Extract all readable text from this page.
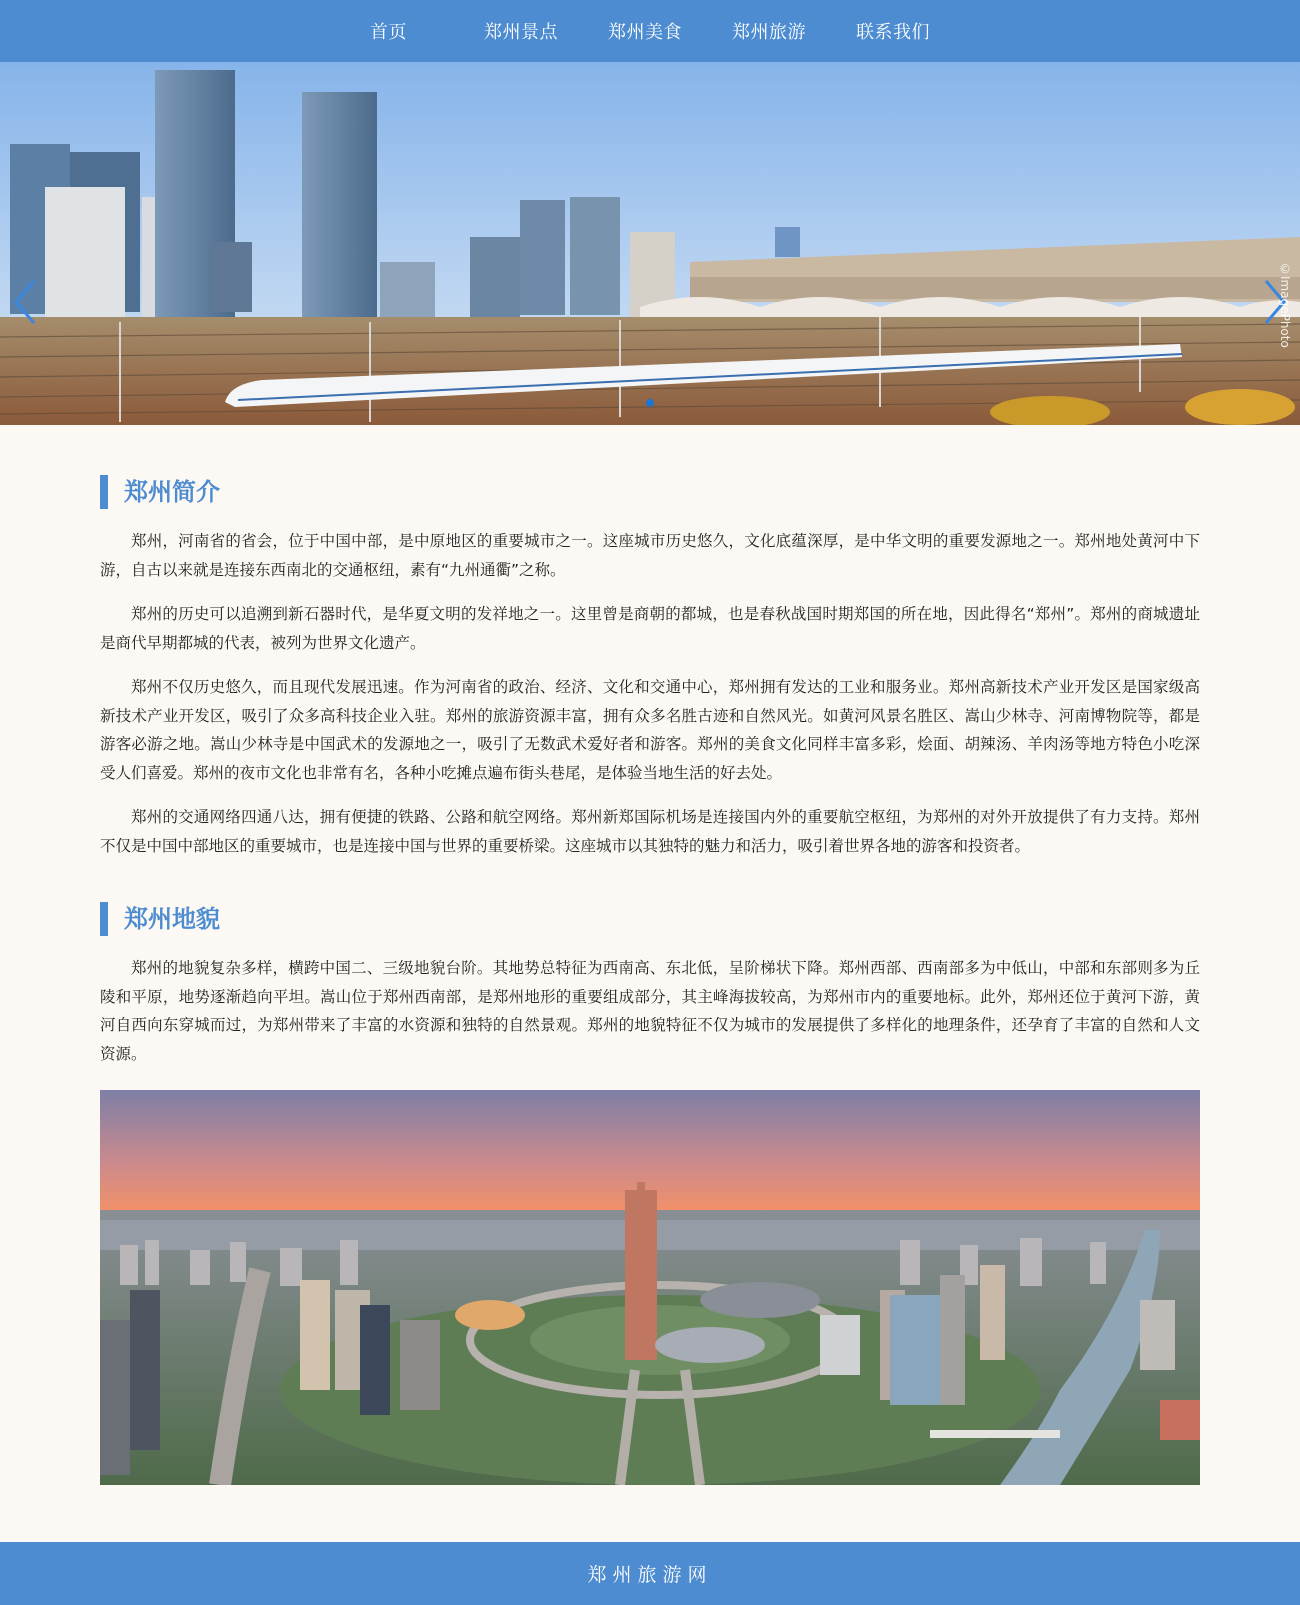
首页	郑州景点	郑州美食	郑州旅游	联系我们
©ImagePhoto
郑州简介

郑州，河南省的省会，位于中国中部，是中原地区的重要城市之一。这座城市历史悠久，文化底蕴深厚，是中华文明的重要发源地之一。郑州地处黄河中下游，自古以来就是连接东西南北的交通枢纽，素有“九州通衢”之称。

郑州的历史可以追溯到新石器时代，是华夏文明的发祥地之一。这里曾是商朝的都城，也是春秋战国时期郑国的所在地，因此得名“郑州”。郑州的商城遗址是商代早期都城的代表，被列为世界文化遗产。

郑州不仅历史悠久，而且现代发展迅速。作为河南省的政治、经济、文化和交通中心，郑州拥有发达的工业和服务业。郑州高新技术产业开发区是国家级高新技术产业开发区，吸引了众多高科技企业入驻。郑州的旅游资源丰富，拥有众多名胜古迹和自然风光。如黄河风景名胜区、嵩山少林寺、河南博物院等，都是游客必游之地。嵩山少林寺是中国武术的发源地之一，吸引了无数武术爱好者和游客。郑州的美食文化同样丰富多彩，烩面、胡辣汤、羊肉汤等地方特色小吃深受人们喜爱。郑州的夜市文化也非常有名，各种小吃摊点遍布街头巷尾，是体验当地生活的好去处。

郑州的交通网络四通八达，拥有便捷的铁路、公路和航空网络。郑州新郑国际机场是连接国内外的重要航空枢纽，为郑州的对外开放提供了有力支持。郑州不仅是中国中部地区的重要城市，也是连接中国与世界的重要桥梁。这座城市以其独特的魅力和活力，吸引着世界各地的游客和投资者。

郑州地貌

郑州的地貌复杂多样，横跨中国二、三级地貌台阶。其地势总特征为西南高、东北低，呈阶梯状下降。郑州西部、西南部多为中低山，中部和东部则多为丘陵和平原，地势逐渐趋向平坦。嵩山位于郑州西南部，是郑州地形的重要组成部分，其主峰海拔较高，为郑州市内的重要地标。此外，郑州还位于黄河下游，黄河自西向东穿城而过，为郑州带来了丰富的水资源和独特的自然景观。郑州的地貌特征不仅为城市的发展提供了多样化的地理条件，还孕育了丰富的自然和人文资源。

郑州旅游网
